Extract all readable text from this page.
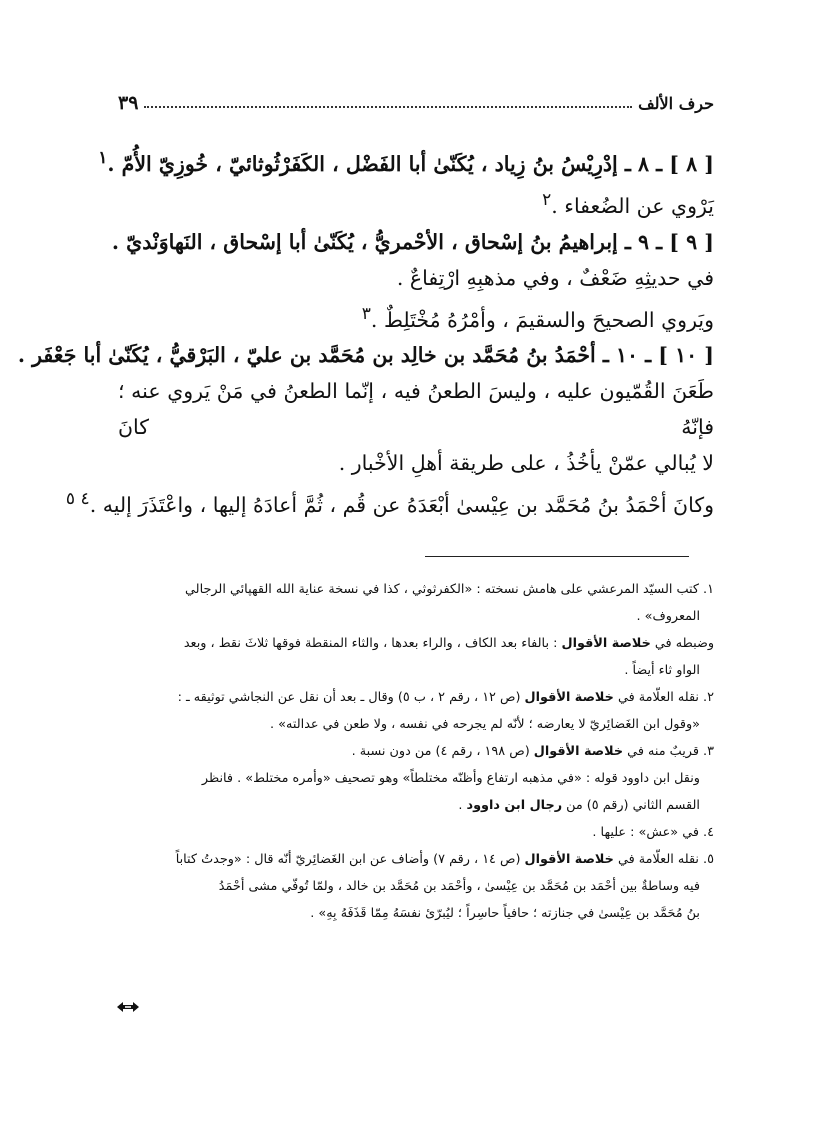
٣٩	حرف الألف

[ ٨ ] ـ ٨ ـ إدْرِيْسُ بنُ زِياد ، يُكَنّىٰ أبا الفَضْل ، الكَفَرْثُوثائيّ ، خُوزِيّ الأُمّ .$^١$

يَرْوي عن الضُعفاء .$^٢$

[ ٩ ] ـ ٩ ـ إبراهيمُ بنُ إسْحاق ، الأحْمريُّ ، يُكَنّىٰ أبا إسْحاق ، النَهاوَنْديّ .

في حديثِهِ ضَعْفٌ ، وفي مذهبِهِ ارْتِفاعٌ .

ويَروي الصحيحَ والسقيمَ ، وأمْرُهُ مُخْتَلِطٌ .$^٣$

[ ١٠ ] ـ ١٠ ـ أحْمَدُ بنُ مُحَمَّد بن خالِد بن مُحَمَّد بن عليّ ، البَرْقيُّ ، يُكَنّىٰ أبا جَعْفَر .

طَعَنَ القُمّيون عليه ، وليسَ الطعنُ فيه ، إنّما الطعنُ في مَنْ يَروي عنه ؛ فإنّهُ كانَ

لا يُبالي عمّنْ يأخُذُ ، على طريقة أهلِ الأخْبار .

وكانَ أحْمَدُ بنُ مُحَمَّد بن عِيْسىٰ أبْعَدَهُ عن قُم ، ثُمَّ أعادَهُ إليها ، واعْتَذَرَ إليه .$^{٤ ٥}$

١. كتب السيّد المرعشي على هامش نسخته : «الكفرثوثي ، كذا في نسخة عناية الله القهپائي الرجالي

المعروف» .

وضبطه في خلاصة الأقوال : بالفاء بعد الكاف ، والراء بعدها ، والثاء المنقطة فوقها ثلاثَ نقط ، وبعد

الواو ثاء أيضاً .

٢. نقله العلّامة في خلاصة الأقوال (ص ١٢ ، رقم ٢ ، ب ٥) وقال ـ بعد أن نقل عن النجاشي توثيقه ـ :

«وقول ابن الغَضائِريّ لا يعارضه ؛ لأنّه لم يجرحه في نفسه ، ولا طعن في عدالته» .

٣. قريبٌ منه في خلاصة الأقوال (ص ١٩٨ ، رقم ٤) من دون نسبة .

ونقل ابن داوود قوله : «في مذهبه ارتفاع وأظنّه مختلطاً» وهو تصحيف «وأمره مختلط» . فانظر

القسم الثاني (رقم ٥) من رجال ابن داوود .

٤. في «عش» : عليها .

٥. نقله العلّامة في خلاصة الأقوال (ص ١٤ ، رقم ٧) وأضاف عن ابن الغَضائِريّ أنّه قال : «وجدتُ كتاباً

فيه وساطةٌ بين أحْمَد بن مُحَمَّد بن عِيْسىٰ ، وأحْمَد بن مُحَمَّد بن خالد ، ولمّا تُوفّي مشى أحْمَدُ

بنُ مُحَمَّد بن عِيْسىٰ في جنازته ؛ حافياً حاسِراً ؛ ليُبرّئ نفسَهُ مِمّا قَذَفَهُ بِهِ» .
